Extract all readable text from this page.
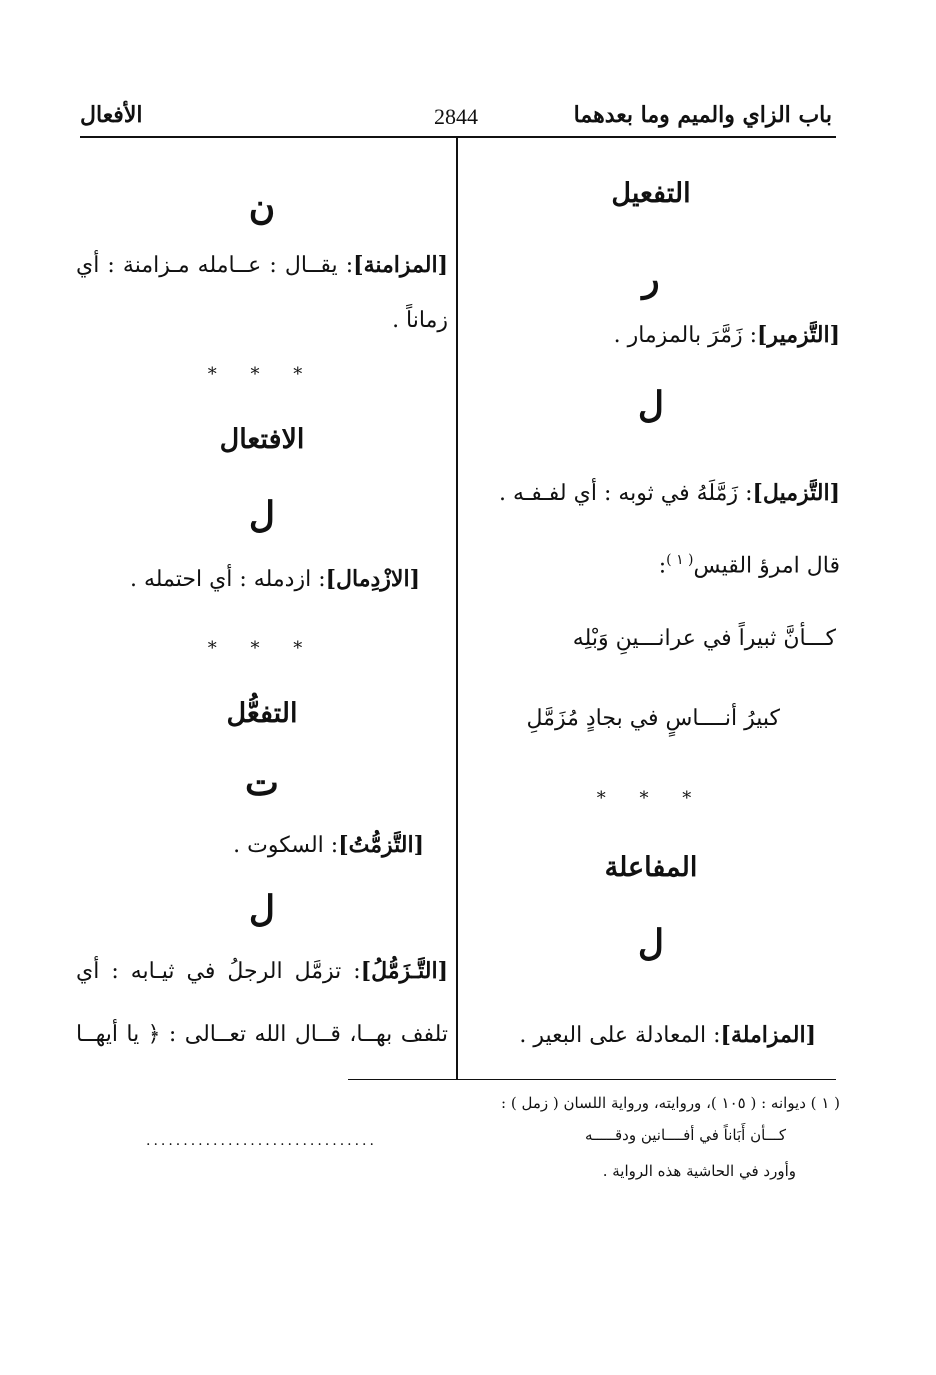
باب الزاي والميم وما بعدهما
2844
الأفعال
التفعيل
ر
[التَّزمير]: زَمَّرَ بالمزمار .
ل
[التَّزميل]: زَمَّلَهُ في ثوبه : أي لفـفـه .
قال امرؤ القيس$^{( ١ )}$:
كـــأنَّ ثبيراً في عرانـــينِ وَبْلِه
كبيرُ أنــــاسٍ في بجادٍ مُزَمَّلِ
* * *
المفاعلة
ل
[المزاملة]: المعادلة على البعير .
ن
[المزامنة]: يقــال : عــامله مـزامنة : أي
زماناً .
* * *
الافتعال
ل
[الازْدِمال]: ازدمله : أي احتمله .
* * *
التفعُّل
ت
[التَّزمُّتُ]: السكوت .
ل
[التَّـزَمُّلُ]: تزمَّل الرجلُ في ثيـابه : أي
تلفف بهــا، قــال الله تعــالى : ﴿ يا أيهــا
( ١ ) ديوانه : ( ١٠٥ )، وروايته، ورواية اللسان ( زمل ) :
كـــأن أَبَاناً في أفــــانين ودقـــــه
...............................
وأورد في الحاشية هذه الرواية .
